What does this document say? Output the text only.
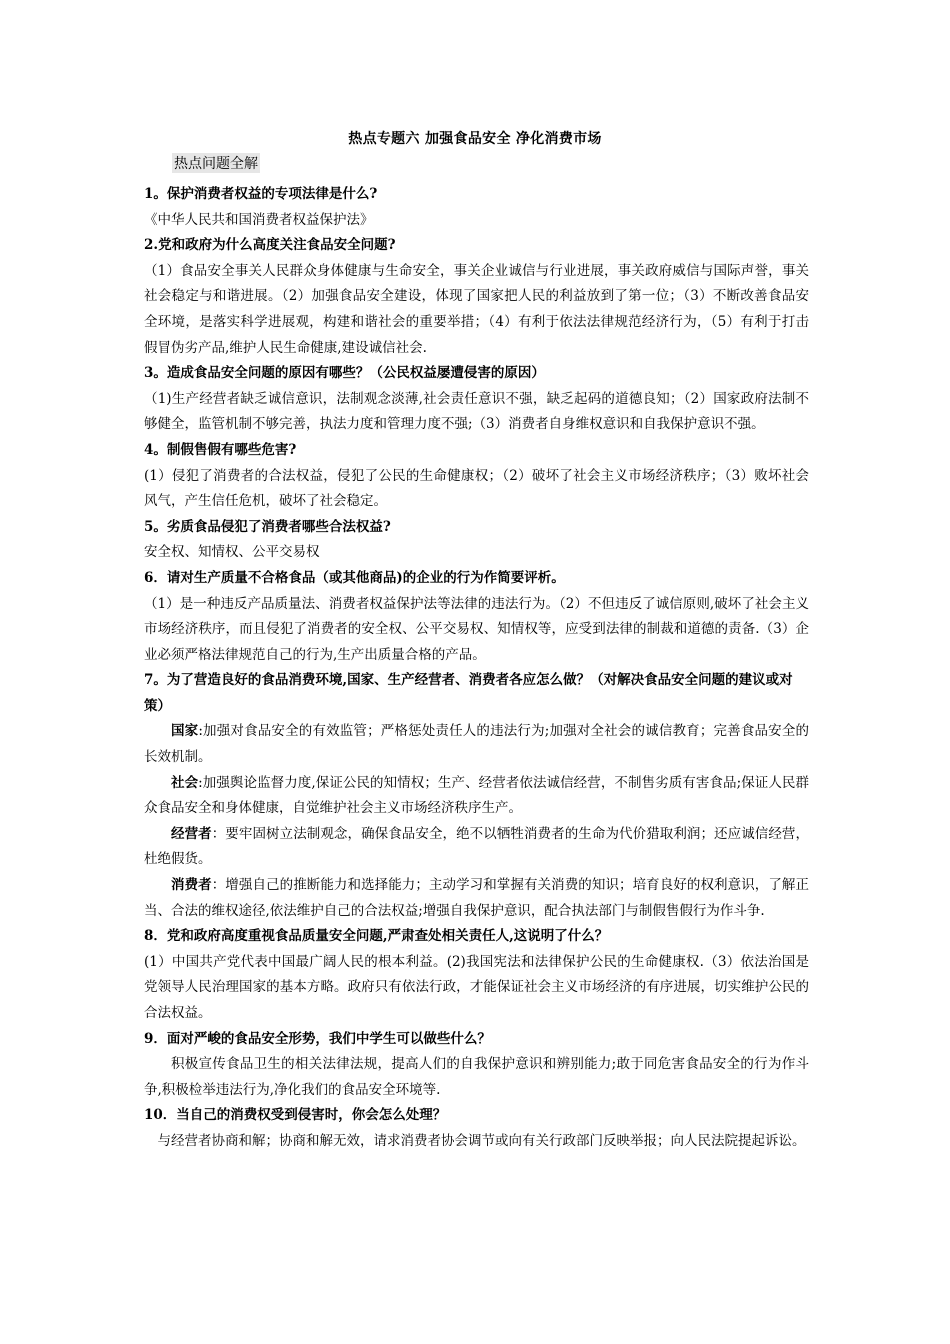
热点专题六 加强食品安全 净化消费市场
热点问题全解

1。保护消费者权益的专项法律是什么?

《中华人民共和国消费者权益保护法》

2.党和政府为什么高度关注食品安全问题?

（1）食品安全事关人民群众身体健康与生命安全，事关企业诚信与行业进展，事关政府威信与国际声誉，事关社会稳定与和谐进展。（2）加强食品安全建设，体现了国家把人民的利益放到了第一位；（3）不断改善食品安全环境，是落实科学进展观，构建和谐社会的重要举措；（4）有利于依法法律规范经济行为，（5）有利于打击假冒伪劣产品,维护人民生命健康,建设诚信社会.

3。造成食品安全问题的原因有哪些？（公民权益屡遭侵害的原因）

（1)生产经营者缺乏诚信意识，法制观念淡薄,社会责任意识不强，缺乏起码的道德良知；（2）国家政府法制不够健全，监管机制不够完善，执法力度和管理力度不强;（3）消费者自身维权意识和自我保护意识不强。

4。制假售假有哪些危害?

(1）侵犯了消费者的合法权益，侵犯了公民的生命健康权；（2）破坏了社会主义市场经济秩序；（3）败坏社会风气，产生信任危机，破坏了社会稳定。

5。劣质食品侵犯了消费者哪些合法权益?

安全权、知情权、公平交易权

6．请对生产质量不合格食品（或其他商品)的企业的行为作简要评析。

（1）是一种违反产品质量法、消费者权益保护法等法律的违法行为。（2）不但违反了诚信原则,破坏了社会主义市场经济秩序，而且侵犯了消费者的安全权、公平交易权、知情权等，应受到法律的制裁和道德的责备.（3）企业必须严格法律规范自己的行为,生产出质量合格的产品。

7。为了营造良好的食品消费环境,国家、生产经营者、消费者各应怎么做？（对解决食品安全问题的建议或对策）

国家:加强对食品安全的有效监管；严格惩处责任人的违法行为;加强对全社会的诚信教育；完善食品安全的长效机制。

社会:加强舆论监督力度,保证公民的知情权；生产、经营者依法诚信经营，不制售劣质有害食品;保证人民群众食品安全和身体健康，自觉维护社会主义市场经济秩序生产。

经营者：要牢固树立法制观念，确保食品安全，绝不以牺牲消费者的生命为代价猎取利润；还应诚信经营，杜绝假货。

消费者：增强自己的推断能力和选择能力；主动学习和掌握有关消费的知识；培育良好的权利意识，了解正当、合法的维权途径,依法维护自己的合法权益;增强自我保护意识，配合执法部门与制假售假行为作斗争.

8．党和政府高度重视食品质量安全问题,严肃查处相关责任人,这说明了什么？

(1）中国共产党代表中国最广阔人民的根本利益。(2)我国宪法和法律保护公民的生命健康权.（3）依法治国是党领导人民治理国家的基本方略。政府只有依法行政，才能保证社会主义市场经济的有序进展，切实维护公民的合法权益。

9．面对严峻的食品安全形势，我们中学生可以做些什么？

积极宣传食品卫生的相关法律法规，提高人们的自我保护意识和辨别能力;敢于同危害食品安全的行为作斗争,积极检举违法行为,净化我们的食品安全环境等.

10．当自己的消费权受到侵害时，你会怎么处理？

与经营者协商和解；协商和解无效，请求消费者协会调节或向有关行政部门反映举报；向人民法院提起诉讼。
